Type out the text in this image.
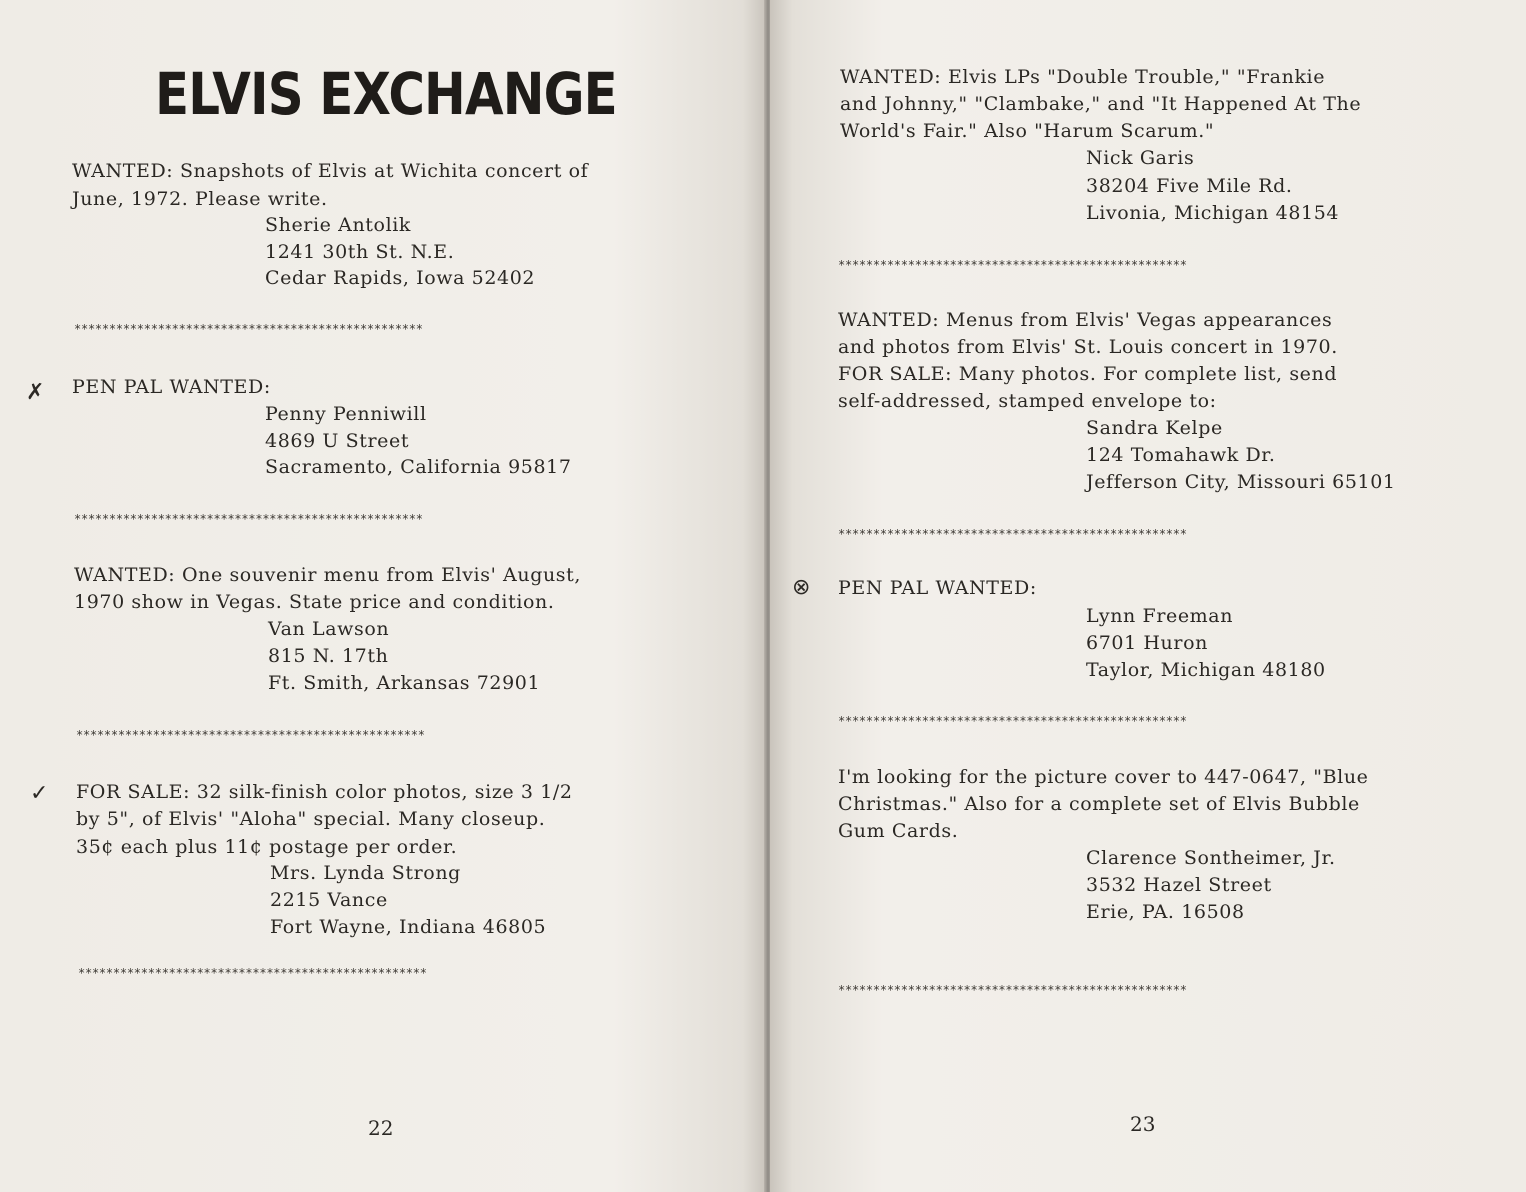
ELVIS EXCHANGE
WANTED: Snapshots of Elvis at Wichita concert of
June, 1972. Please write.
Sherie Antolik
1241 30th St. N.E.
Cedar Rapids, Iowa 52402
**************************************************
✗ PEN PAL WANTED:
Penny Penniwill
4869 U Street
Sacramento, California 95817
**************************************************
WANTED: One souvenir menu from Elvis' August,
1970 show in Vegas. State price and condition.
Van Lawson
815 N. 17th
Ft. Smith, Arkansas 72901
**************************************************
✓ FOR SALE: 32 silk-finish color photos, size 3 1/2
by 5", of Elvis' "Aloha" special. Many closeup.
35¢ each plus 11¢ postage per order.
Mrs. Lynda Strong
2215 Vance
Fort Wayne, Indiana 46805
**************************************************
22
WANTED: Elvis LPs "Double Trouble," "Frankie
and Johnny," "Clambake," and "It Happened At The
World's Fair." Also "Harum Scarum."
Nick Garis
38204 Five Mile Rd.
Livonia, Michigan 48154
**************************************************
WANTED: Menus from Elvis' Vegas appearances
and photos from Elvis' St. Louis concert in 1970.
FOR SALE: Many photos. For complete list, send
self-addressed, stamped envelope to:
Sandra Kelpe
124 Tomahawk Dr.
Jefferson City, Missouri 65101
**************************************************
⊗ PEN PAL WANTED:
Lynn Freeman
6701 Huron
Taylor, Michigan 48180
**************************************************
I'm looking for the picture cover to 447-0647, "Blue
Christmas." Also for a complete set of Elvis Bubble
Gum Cards.
Clarence Sontheimer, Jr.
3532 Hazel Street
Erie, PA. 16508
**************************************************
23
